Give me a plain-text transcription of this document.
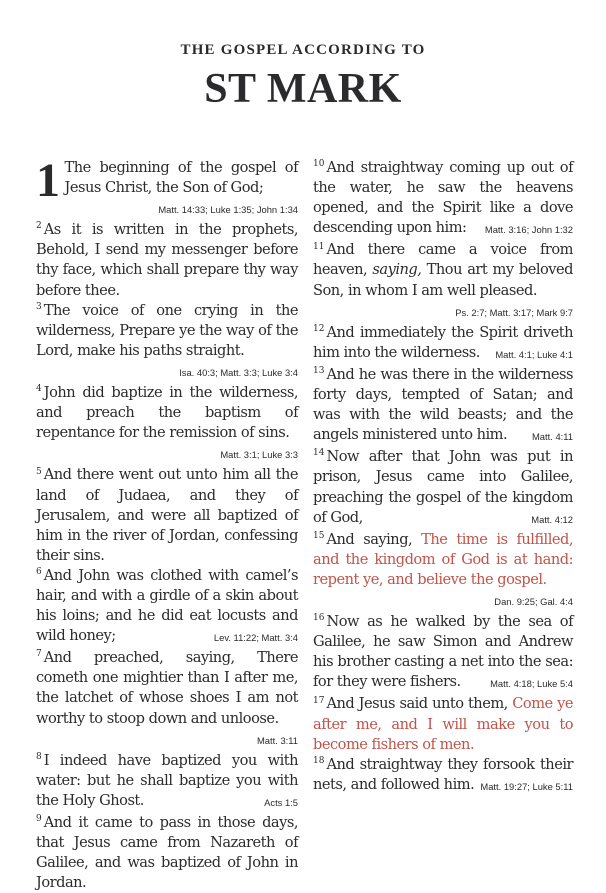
THE GOSPEL ACCORDING TO
ST MARK

1 The beginning of the gospel of Jesus Christ, the Son of God;
Matt. 14:33; Luke 1:35; John 1:34

$^2$ As it is written in the prophets, Behold, I send my messenger before thy face, which shall prepare thy way before thee.

$^3$ The voice of one crying in the wilderness, Prepare ye the way of the Lord, make his paths straight.
Isa. 40:3; Matt. 3:3; Luke 3:4

$^4$ John did baptize in the wilderness, and preach the baptism of repentance for the remission of sins.
Matt. 3:1; Luke 3:3

$^5$ And there went out unto him all the land of Judaea, and they of Jerusalem, and were all baptized of him in the river of Jordan, confessing their sins.

$^6$ And John was clothed with camel’s hair, and with a girdle of a skin about his loins; and he did eat locusts and wild honey;	Lev. 11:22; Matt. 3:4

$^7$ And preached, saying, There cometh one mightier than I after me, the latchet of whose shoes I am not worthy to stoop down and unloose.
Matt. 3:11

$^8$ I indeed have baptized you with water: but he shall baptize you with the Holy Ghost.	Acts 1:5

$^9$ And it came to pass in those days, that Jesus came from Nazareth of Galilee, and was baptized of John in Jordan.

$^{10}$ And straightway coming up out of the water, he saw the heavens opened, and the Spirit like a dove descending upon him: Matt. 3:16; John 1:32

$^{11}$ And there came a voice from heaven, saying, Thou art my beloved Son, in whom I am well pleased.
Ps. 2:7; Matt. 3:17; Mark 9:7

$^{12}$ And immediately the Spirit driveth him into the wilderness. Matt. 4:1; Luke 4:1

$^{13}$ And he was there in the wilderness forty days, tempted of Satan; and was with the wild beasts; and the angels ministered unto him.	Matt. 4:11

$^{14}$ Now after that John was put in prison, Jesus came into Galilee, preaching the gospel of the kingdom of God,	Matt. 4:12

$^{15}$ And saying, The time is fulfilled, and the kingdom of God is at hand: repent ye, and believe the gospel.
Dan. 9:25; Gal. 4:4

$^{16}$ Now as he walked by the sea of Galilee, he saw Simon and Andrew his brother casting a net into the sea: for they were fishers.	Matt. 4:18; Luke 5:4

$^{17}$ And Jesus said unto them, Come ye after me, and I will make you to become fishers of men.

$^{18}$ And straightway they forsook their nets, and followed him. Matt. 19:27; Luke 5:11
